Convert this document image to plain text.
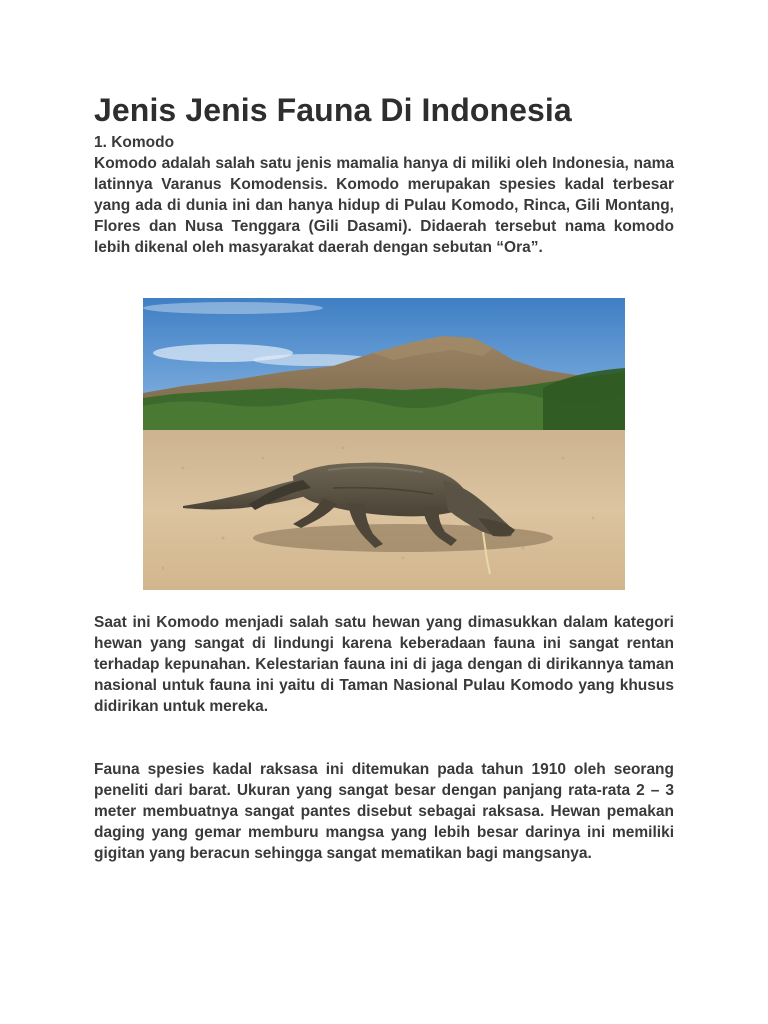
Jenis Jenis Fauna Di Indonesia

1. Komodo

Komodo adalah salah satu jenis mamalia hanya di miliki oleh Indonesia, nama latinnya Varanus Komodensis. Komodo merupakan spesies kadal terbesar yang ada di dunia ini dan hanya hidup di Pulau Komodo, Rinca, Gili Montang, Flores dan Nusa Tenggara (Gili Dasami). Didaerah tersebut nama komodo lebih dikenal oleh masyarakat daerah dengan sebutan “Ora”.

Saat ini Komodo menjadi salah satu hewan yang dimasukkan dalam kategori hewan yang sangat di lindungi karena keberadaan fauna ini sangat rentan terhadap kepunahan. Kelestarian fauna ini di jaga dengan di dirikannya taman nasional untuk fauna ini yaitu di Taman Nasional Pulau Komodo yang khusus didirikan untuk mereka.

Fauna spesies kadal raksasa ini ditemukan pada tahun 1910 oleh seorang peneliti dari barat. Ukuran yang sangat besar dengan panjang rata-rata 2 – 3 meter membuatnya sangat pantes disebut sebagai raksasa. Hewan pemakan daging yang gemar memburu mangsa yang lebih besar darinya ini memiliki gigitan yang beracun sehingga sangat mematikan bagi mangsanya.
